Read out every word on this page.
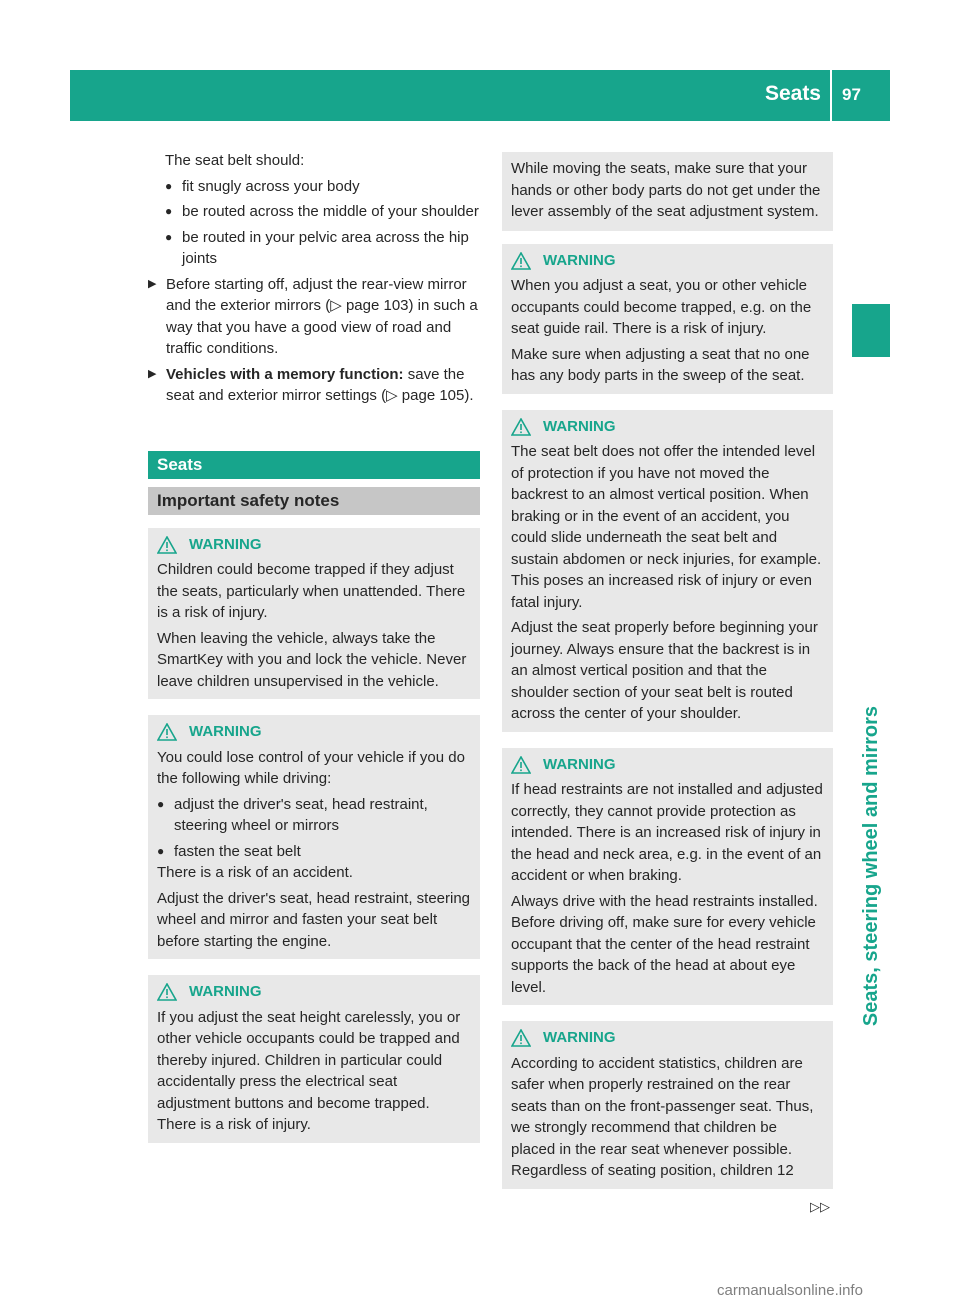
Seats 97
Seats, steering wheel and mirrors

The seat belt should:

● fit snugly across your body
● be routed across the middle of your shoulder
● be routed in your pelvic area across the hip joints
▶ Before starting off, adjust the rear-view mirror and the exterior mirrors (▷ page 103) in such a way that you have a good view of road and traffic conditions.
▶ Vehicles with a memory function: save the seat and exterior mirror settings (▷ page 105).
Seats
Important safety notes
WARNING

Children could become trapped if they adjust the seats, particularly when unattended. There is a risk of injury.

When leaving the vehicle, always take the SmartKey with you and lock the vehicle. Never leave children unsupervised in the vehicle.

WARNING

You could lose control of your vehicle if you do the following while driving:

● adjust the driver's seat, head restraint, steering wheel or mirrors
● fasten the seat belt

There is a risk of an accident.

Adjust the driver's seat, head restraint, steering wheel and mirror and fasten your seat belt before starting the engine.

WARNING

If you adjust the seat height carelessly, you or other vehicle occupants could be trapped and thereby injured. Children in particular could accidentally press the electrical seat adjustment buttons and become trapped. There is a risk of injury.

While moving the seats, make sure that your hands or other body parts do not get under the lever assembly of the seat adjustment system.

WARNING

When you adjust a seat, you or other vehicle occupants could become trapped, e.g. on the seat guide rail. There is a risk of injury.

Make sure when adjusting a seat that no one has any body parts in the sweep of the seat.

WARNING

The seat belt does not offer the intended level of protection if you have not moved the backrest to an almost vertical position. When braking or in the event of an accident, you could slide underneath the seat belt and sustain abdomen or neck injuries, for example. This poses an increased risk of injury or even fatal injury.

Adjust the seat properly before beginning your journey. Always ensure that the backrest is in an almost vertical position and that the shoulder section of your seat belt is routed across the center of your shoulder.

WARNING

If head restraints are not installed and adjusted correctly, they cannot provide protection as intended. There is an increased risk of injury in the head and neck area, e.g. in the event of an accident or when braking.

Always drive with the head restraints installed. Before driving off, make sure for every vehicle occupant that the center of the head restraint supports the back of the head at about eye level.

WARNING

According to accident statistics, children are safer when properly restrained on the rear seats than on the front-passenger seat. Thus, we strongly recommend that children be placed in the rear seat whenever possible. Regardless of seating position, children 12

▷▷
carmanualsonline.info
